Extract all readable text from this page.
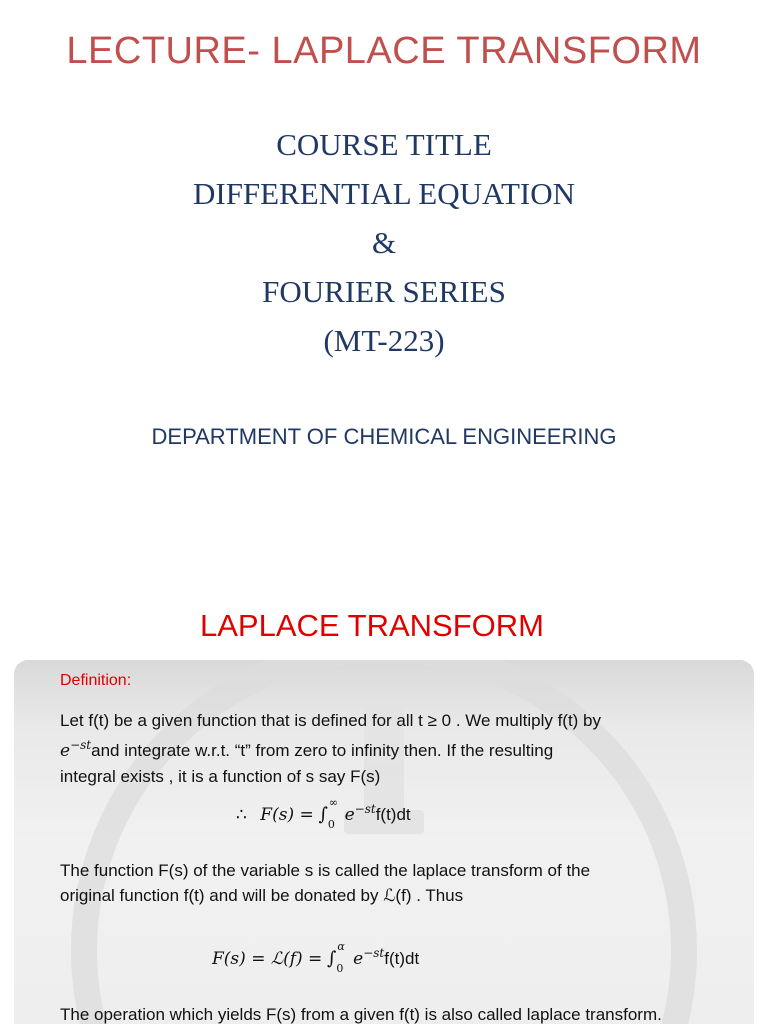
LECTURE- LAPLACE TRANSFORM
COURSE TITLE
DIFFERENTIAL EQUATION
&
FOURIER SERIES
(MT-223)
DEPARTMENT OF CHEMICAL ENGINEERING
LAPLACE TRANSFORM
Definition:
Let f(t) be a given function that is defined for all t ≥ 0 . We multiply f(t) by
$e^{-st}and$ integrate w.r.t. “t” from zero to infinity then. If the resulting
integral exists , it is a function of s say F(s)
∴ F(s) = ∫
∞
0 $e^{-st}f(t)dt$
The function F(s) of the variable s is called the laplace transform of the
original function f(t) and will be donated by ℒ(f) . Thus
F(s) = ℒ(f) = ∫
α
0 $e^{-st}f(t)dt$
The operation which yields F(s) from a given f(t) is also called laplace transform.
